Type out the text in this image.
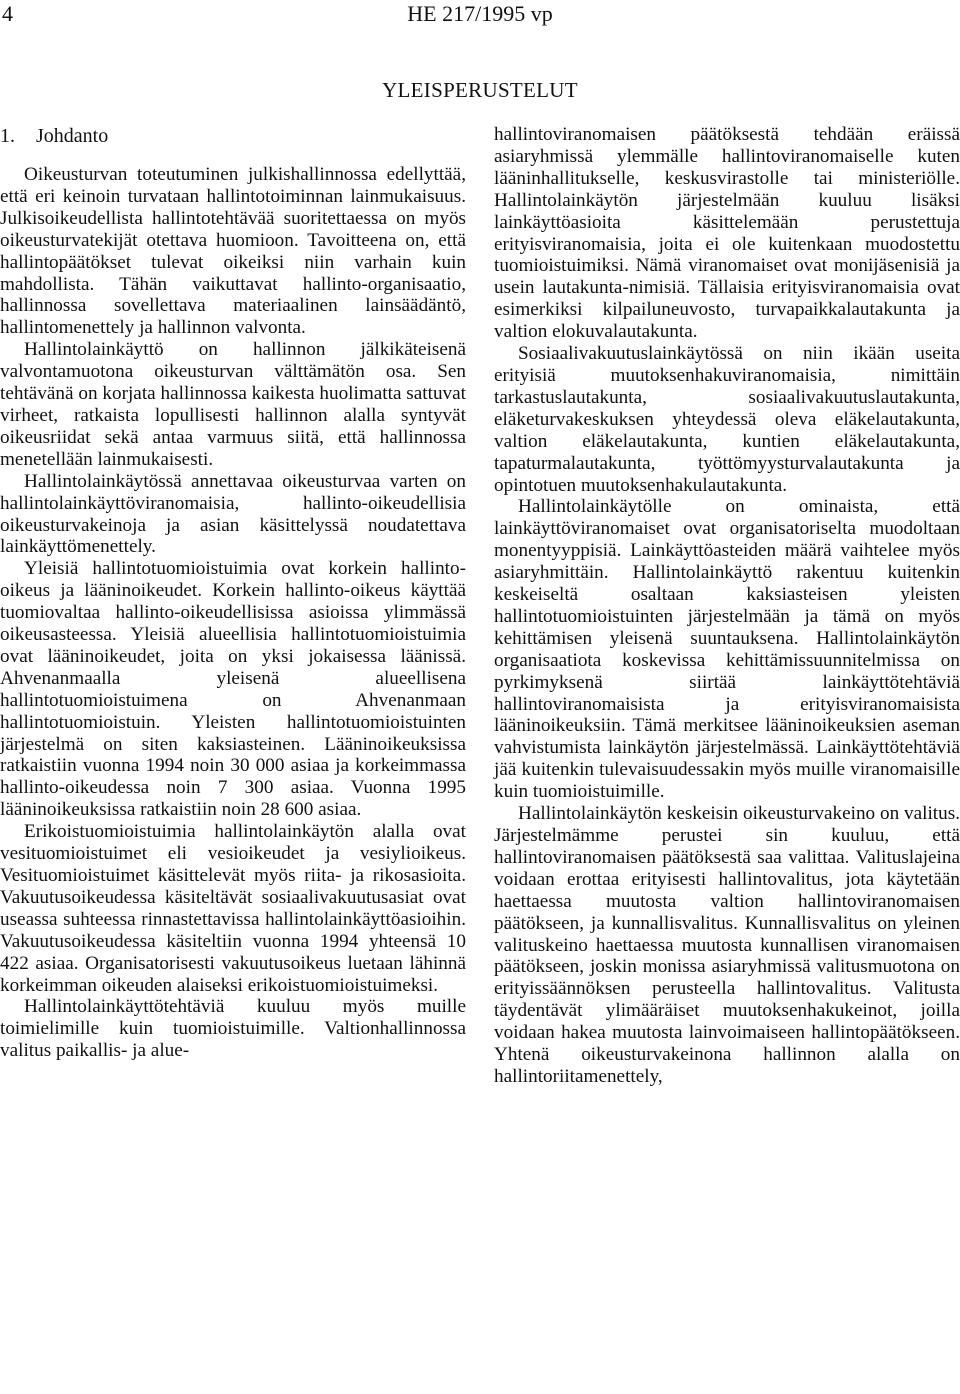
4	HE 217/1995 vp
YLEISPERUSTELUT
1. Johdanto

Oikeusturvan toteutuminen julkishallinnossa edellyttää, että eri keinoin turvataan hallintotoiminnan lainmukaisuus. Julkisoikeudellista hallintotehtävää suoritettaessa on myös oikeusturvatekijät otettava huomioon. Tavoitteena on, että hallintopäätökset tulevat oikeiksi niin varhain kuin mahdollista. Tähän vaikuttavat hallinto-organisaatio, hallinnossa sovellettava materiaalinen lainsäädäntö, hallintomenettely ja hallinnon valvonta.

Hallintolainkäyttö on hallinnon jälkikäteisenä valvontamuotona oikeusturvan välttämätön osa. Sen tehtävänä on korjata hallinnossa kaikesta huolimatta sattuvat virheet, ratkaista lopullisesti hallinnon alalla syntyvät oikeusriidat sekä antaa varmuus siitä, että hallinnossa menetellään lainmukaisesti.

Hallintolainkäytössä annettavaa oikeusturvaa varten on hallintolainkäyttöviranomaisia, hallinto-oikeudellisia oikeusturvakeinoja ja asian käsittelyssä noudatettava lainkäyttömenettely.

Yleisiä hallintotuomioistuimia ovat korkein hallinto-oikeus ja lääninoikeudet. Korkein hallinto-oikeus käyttää tuomiovaltaa hallinto-oikeudellisissa asioissa ylimmässä oikeusasteessa. Yleisiä alueellisia hallintotuomioistuimia ovat lääninoikeudet, joita on yksi jokaisessa läänissä. Ahvenanmaalla yleisenä alueellisena hallintotuomioistuimena on Ahvenanmaan hallintotuomioistuin. Yleisten hallintotuomioistuinten järjestelmä on siten kaksiasteinen. Lääninoikeuksissa ratkaistiin vuonna 1994 noin 30 000 asiaa ja korkeimmassa hallinto-oikeudessa noin 7 300 asiaa. Vuonna 1995 lääninoikeuksissa ratkaistiin noin 28 600 asiaa.

Erikoistuomioistuimia hallintolainkäytön alalla ovat vesituomioistuimet eli vesioikeudet ja vesiylioikeus. Vesituomioistuimet käsittelevät myös riita- ja rikosasioita. Vakuutusoikeudessa käsiteltävät sosiaalivakuutusasiat ovat useassa suhteessa rinnastettavissa hallintolainkäyttöasioihin. Vakuutusoikeudessa käsiteltiin vuonna 1994 yhteensä 10 422 asiaa. Organisatorisesti vakuutusoikeus luetaan lähinnä korkeimman oikeuden alaiseksi erikoistuomioistuimeksi.

Hallintolainkäyttötehtäviä kuuluu myös muille toimielimille kuin tuomioistuimille. Valtionhallinnossa valitus paikallis- ja alue-

hallintoviranomaisen päätöksestä tehdään eräissä asiaryhmissä ylemmälle hallintoviranomaiselle kuten lääninhallitukselle, keskusvirastolle tai ministeriölle. Hallintolainkäytön järjestelmään kuuluu lisäksi lainkäyttöasioita käsittelemään perustettuja erityisviranomaisia, joita ei ole kuitenkaan muodostettu tuomioistuimiksi. Nämä viranomaiset ovat monijäsenisiä ja usein lautakunta-nimisiä. Tällaisia erityisviranomaisia ovat esimerkiksi kilpailuneuvosto, turvapaikkalautakunta ja valtion elokuvalautakunta.

Sosiaalivakuutuslainkäytössä on niin ikään useita erityisiä muutoksenhakuviranomaisia, nimittäin tarkastuslautakunta, sosiaalivakuutuslautakunta, eläketurvakeskuksen yhteydessä oleva eläkelautakunta, valtion eläkelautakunta, kuntien eläkelautakunta, tapaturmalautakunta, työttömyysturvalautakunta ja opintotuen muutoksenhakulautakunta.

Hallintolainkäytölle on ominaista, että lainkäyttöviranomaiset ovat organisatoriselta muodoltaan monentyyppisiä. Lainkäyttöasteiden määrä vaihtelee myös asiaryhmittäin. Hallintolainkäyttö rakentuu kuitenkin keskeiseltä osaltaan kaksiasteisen yleisten hallintotuomioistuinten järjestelmään ja tämä on myös kehittämisen yleisenä suuntauksena. Hallintolainkäytön organisaatiota koskevissa kehittämissuunnitelmissa on pyrkimyksenä siirtää lainkäyttötehtäviä hallintoviranomaisista ja erityisviranomaisista lääninoikeuksiin. Tämä merkitsee lääninoikeuksien aseman vahvistumista lainkäytön järjestelmässä. Lainkäyttötehtäviä jää kuitenkin tulevaisuudessakin myös muille viranomaisille kuin tuomioistuimille.

Hallintolainkäytön keskeisin oikeusturvakeino on valitus. Järjestelmämme perustei sin kuuluu, että hallintoviranomaisen päätöksestä saa valittaa. Valituslajeina voidaan erottaa erityisesti hallintovalitus, jota käytetään haettaessa muutosta valtion hallintoviranomaisen päätökseen, ja kunnallisvalitus. Kunnallisvalitus on yleinen valituskeino haettaessa muutosta kunnallisen viranomaisen päätökseen, joskin monissa asiaryhmissä valitusmuotona on erityissäännöksen perusteella hallintovalitus. Valitusta täydentävät ylimääräiset muutoksenhakukeinot, joilla voidaan hakea muutosta lainvoimaiseen hallintopäätökseen. Yhtenä oikeusturvakeinona hallinnon alalla on hallintoriitamenettely,
